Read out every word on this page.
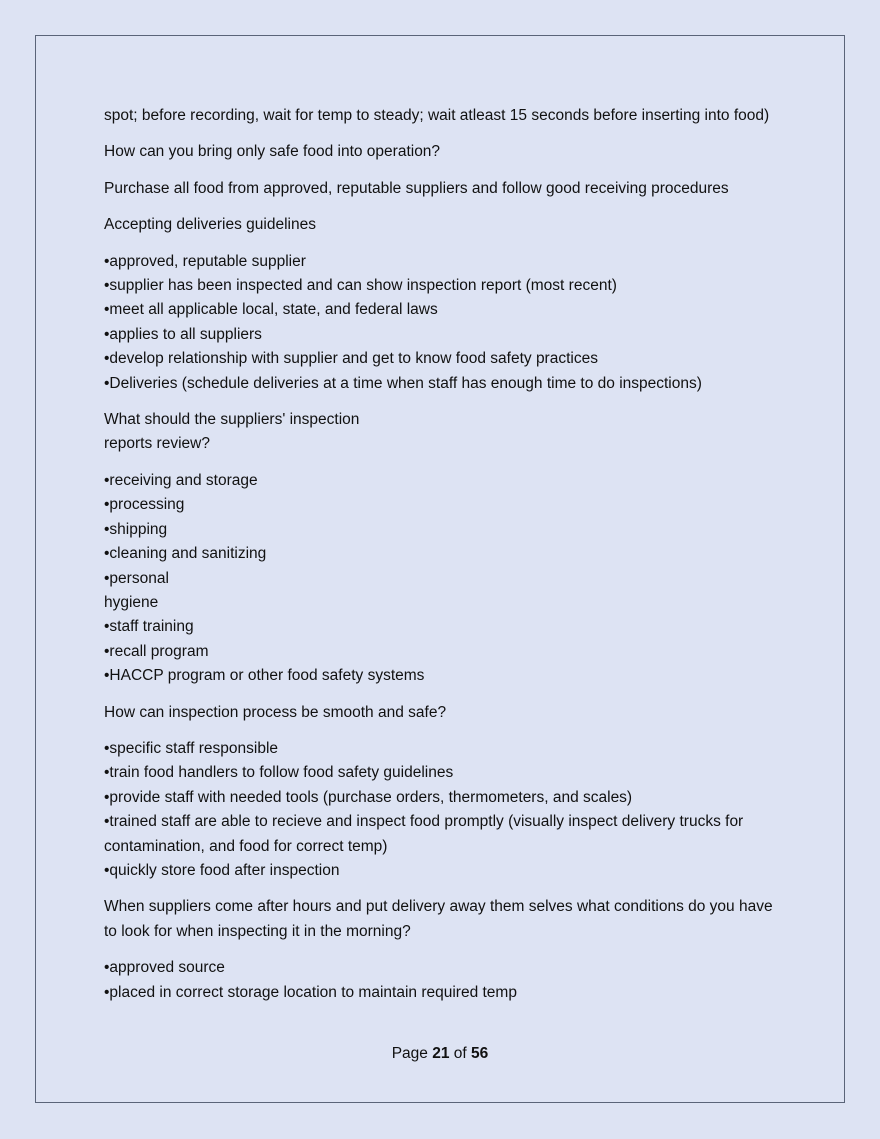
spot; before recording, wait for temp to steady; wait atleast 15 seconds before inserting into food)

How can you bring only safe food into operation?

Purchase all food from approved, reputable suppliers and follow good receiving procedures

Accepting deliveries guidelines

•approved, reputable supplier
•supplier has been inspected and can show inspection report (most recent)
•meet all applicable local, state, and federal laws
•applies to all suppliers
•develop relationship with supplier and get to know food safety practices
•Deliveries (schedule deliveries at a time when staff has enough time to do inspections)
What should the suppliers' inspection
reports review?
•receiving and storage
•processing
•shipping
•cleaning and sanitizing
•personal
hygiene
•staff training
•recall program
•HACCP program or other food safety systems

How can inspection process be smooth and safe?

•specific staff responsible
•train food handlers to follow food safety guidelines
•provide staff with needed tools (purchase orders, thermometers, and scales)
•trained staff are able to recieve and inspect food promptly (visually inspect delivery trucks for contamination, and food for correct temp)
•quickly store food after inspection

When suppliers come after hours and put delivery away them selves what conditions do you have to look for when inspecting it in the morning?

•approved source
•placed in correct storage location to maintain required temp
Page 21 of 56
